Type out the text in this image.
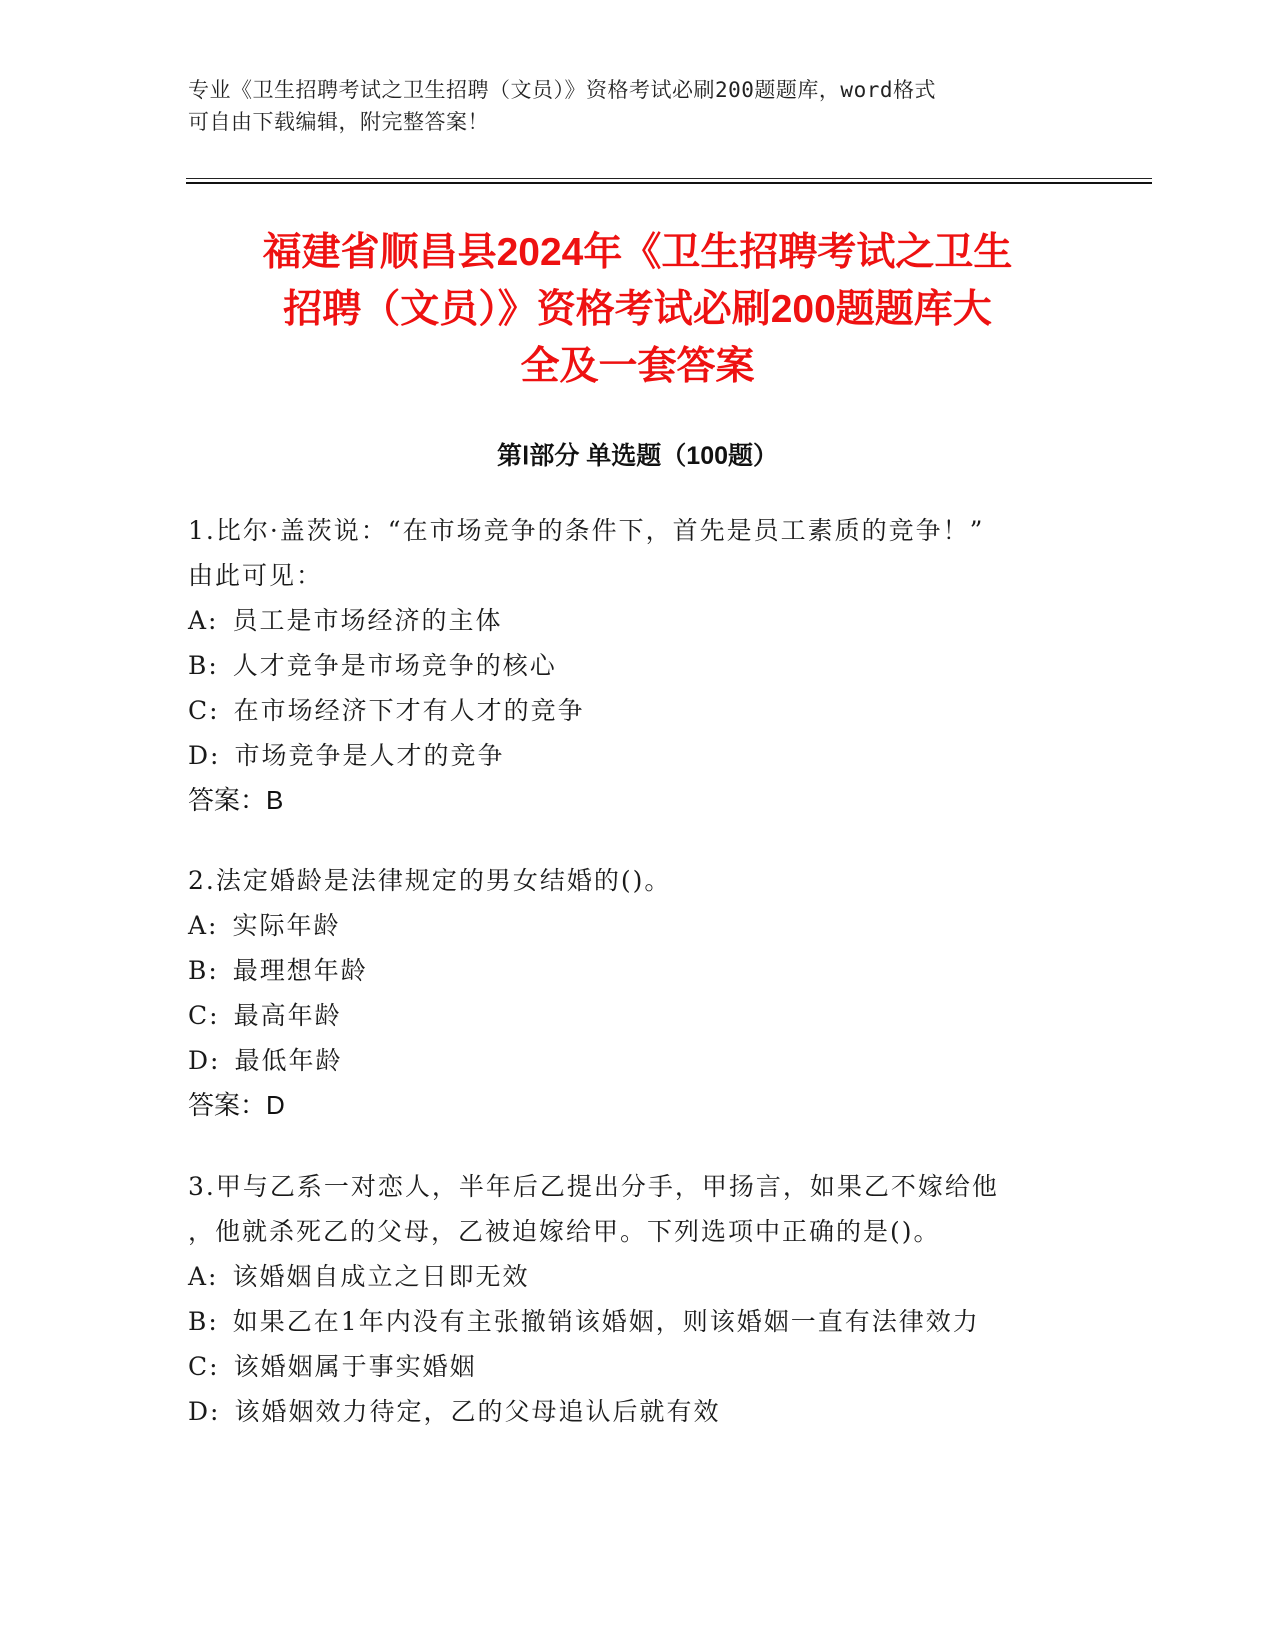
专业《卫生招聘考试之卫生招聘（文员）》资格考试必刷200题题库，word格式
可自由下载编辑，附完整答案！
福建省顺昌县2024年《卫生招聘考试之卫生
招聘（文员）》资格考试必刷200题题库大
全及一套答案
第Ⅰ部分 单选题（100题）
1.比尔·盖茨说：“在市场竞争的条件下，首先是员工素质的竞争！”
由此可见：
A: 员工是市场经济的主体
B: 人才竞争是市场竞争的核心
C: 在市场经济下才有人才的竞争
D: 市场竞争是人才的竞争
答案：B
2.法定婚龄是法律规定的男女结婚的()。
A: 实际年龄
B: 最理想年龄
C: 最高年龄
D: 最低年龄
答案：D
3.甲与乙系一对恋人，半年后乙提出分手，甲扬言，如果乙不嫁给他
，他就杀死乙的父母，乙被迫嫁给甲。下列选项中正确的是()。
A: 该婚姻自成立之日即无效
B: 如果乙在1年内没有主张撤销该婚姻，则该婚姻一直有法律效力
C: 该婚姻属于事实婚姻
D: 该婚姻效力待定，乙的父母追认后就有效
